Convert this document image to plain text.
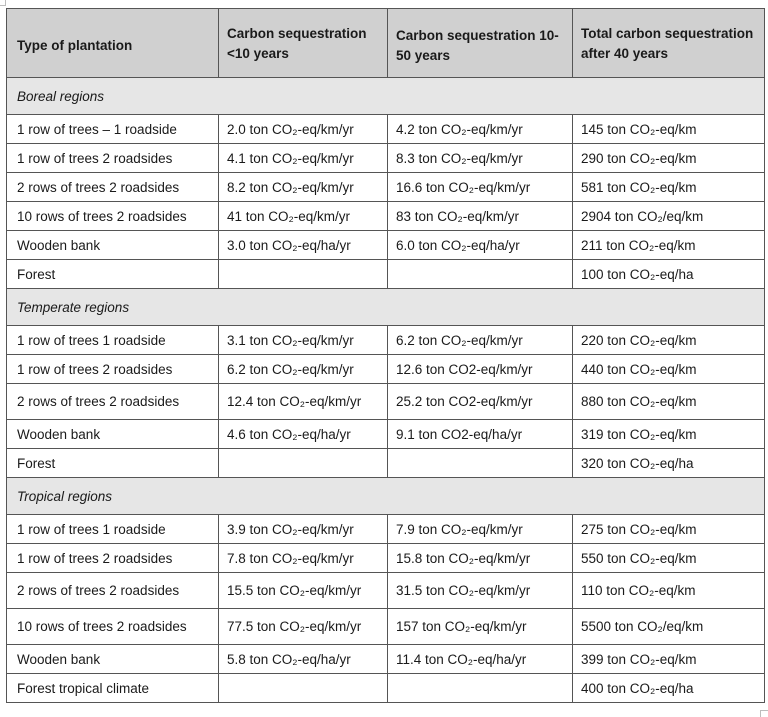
Type of plantation	Carbon sequestration <10 years	Carbon sequestration 10-50 years	Total carbon sequestration after 40 years
Boreal regions			
1 row of trees – 1 roadside	2.0 ton CO₂-eq/km/yr	4.2 ton CO₂-eq/km/yr	145 ton CO₂-eq/km
1 row of trees 2 roadsides	4.1 ton CO₂-eq/km/yr	8.3 ton CO₂-eq/km/yr	290 ton CO₂-eq/km
2 rows of trees 2 roadsides	8.2 ton CO₂-eq/km/yr	16.6 ton CO₂-eq/km/yr	581 ton CO₂-eq/km
10 rows of trees 2 roadsides	41 ton CO₂-eq/km/yr	83 ton CO₂-eq/km/yr	2904 ton CO₂/eq/km
Wooden bank	3.0 ton CO₂-eq/ha/yr	6.0 ton CO₂-eq/ha/yr	211 ton CO₂-eq/km
Forest			100 ton CO₂-eq/ha
Temperate regions			
1 row of trees 1 roadside	3.1 ton CO₂-eq/km/yr	6.2 ton CO₂-eq/km/yr	220 ton CO₂-eq/km
1 row of trees 2 roadsides	6.2 ton CO₂-eq/km/yr	12.6 ton CO2-eq/km/yr	440 ton CO₂-eq/km
2 rows of trees 2 roadsides	12.4 ton CO₂-eq/km/yr	25.2 ton CO2-eq/km/yr	880 ton CO₂-eq/km
Wooden bank	4.6 ton CO₂-eq/ha/yr	9.1 ton CO2-eq/ha/yr	319 ton CO₂-eq/km
Forest			320 ton CO₂-eq/ha
Tropical regions			
1 row of trees 1 roadside	3.9 ton CO₂-eq/km/yr	7.9 ton CO₂-eq/km/yr	275 ton CO₂-eq/km
1 row of trees 2 roadsides	7.8 ton CO₂-eq/km/yr	15.8 ton CO₂-eq/km/yr	550 ton CO₂-eq/km
2 rows of trees 2 roadsides	15.5 ton CO₂-eq/km/yr	31.5 ton CO₂-eq/km/yr	110 ton CO₂-eq/km
10 rows of trees 2 roadsides	77.5 ton CO₂-eq/km/yr	157 ton CO₂-eq/km/yr	5500 ton CO₂/eq/km
Wooden bank	5.8 ton CO₂-eq/ha/yr	11.4 ton CO₂-eq/ha/yr	399 ton CO₂-eq/km
Forest tropical climate			400 ton CO₂-eq/ha
